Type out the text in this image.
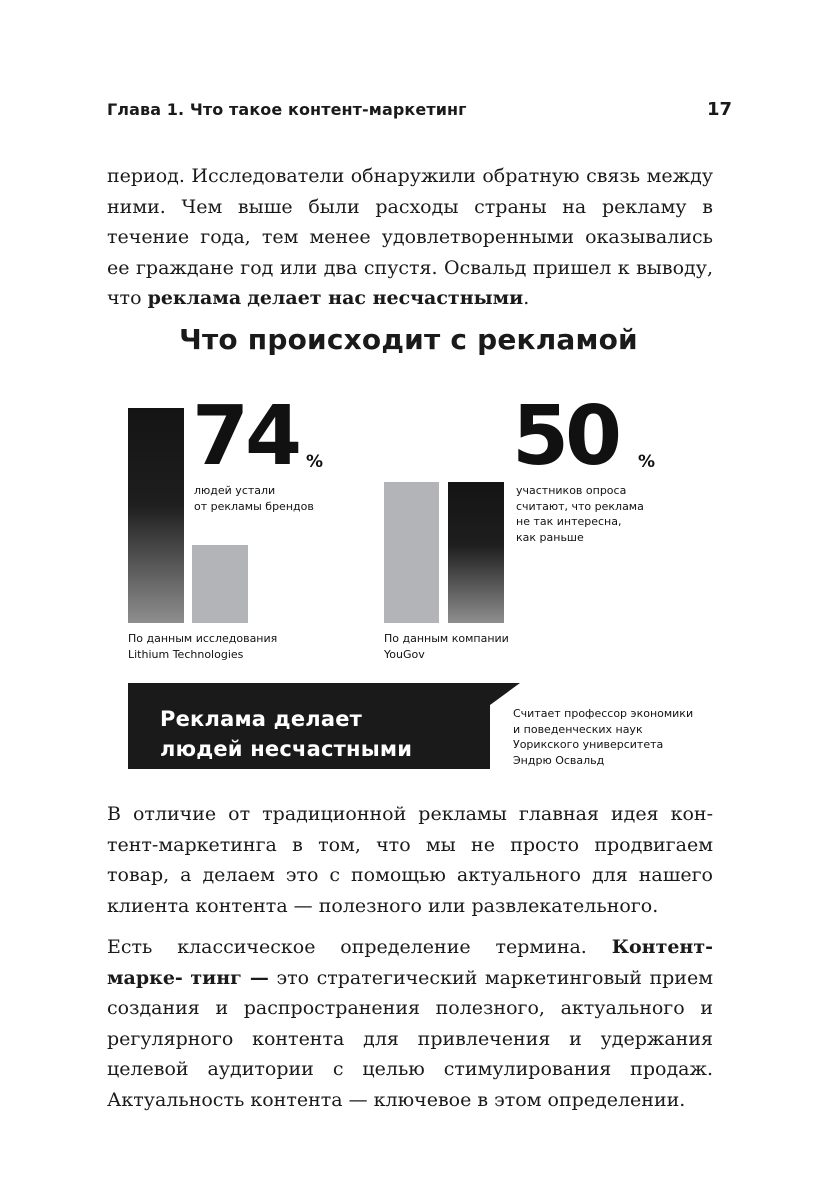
Глава 1. Что такое контент-маркетинг	17

период. Исследователи обнаружили обратную связь между ними. Чем выше были расходы страны на рекламу в течение года, тем менее удовлетворенными оказывались ее граждане год или два спустя. Освальд пришел к выводу, что реклама делает нас несчастными.

Что происходит с рекламой
74 %
людей устали
от рекламы брендов
По данным исследования
Lithium Technologies
50 %
участников опроса
считают, что реклама
не так интересна,
как раньше
По данным компании
YouGov
Реклама делает
людей несчастными
Считает профессор экономики
и поведенческих наук
Уорикского университета
Эндрю Освальд

В отличие от традиционной рекламы главная идея кон- тент-маркетинга в том, что мы не просто продвигаем товар, а делаем это с помощью актуального для нашего клиента контента — полезного или развлекательного.

Есть классическое определение термина. Контент-марке- тинг — это стратегический маркетинговый прием создания и распространения полезного, актуального и регулярного контента для привлечения и удержания целевой аудитории с целью стимулирования продаж. Актуальность контента — ключевое в этом определении.
